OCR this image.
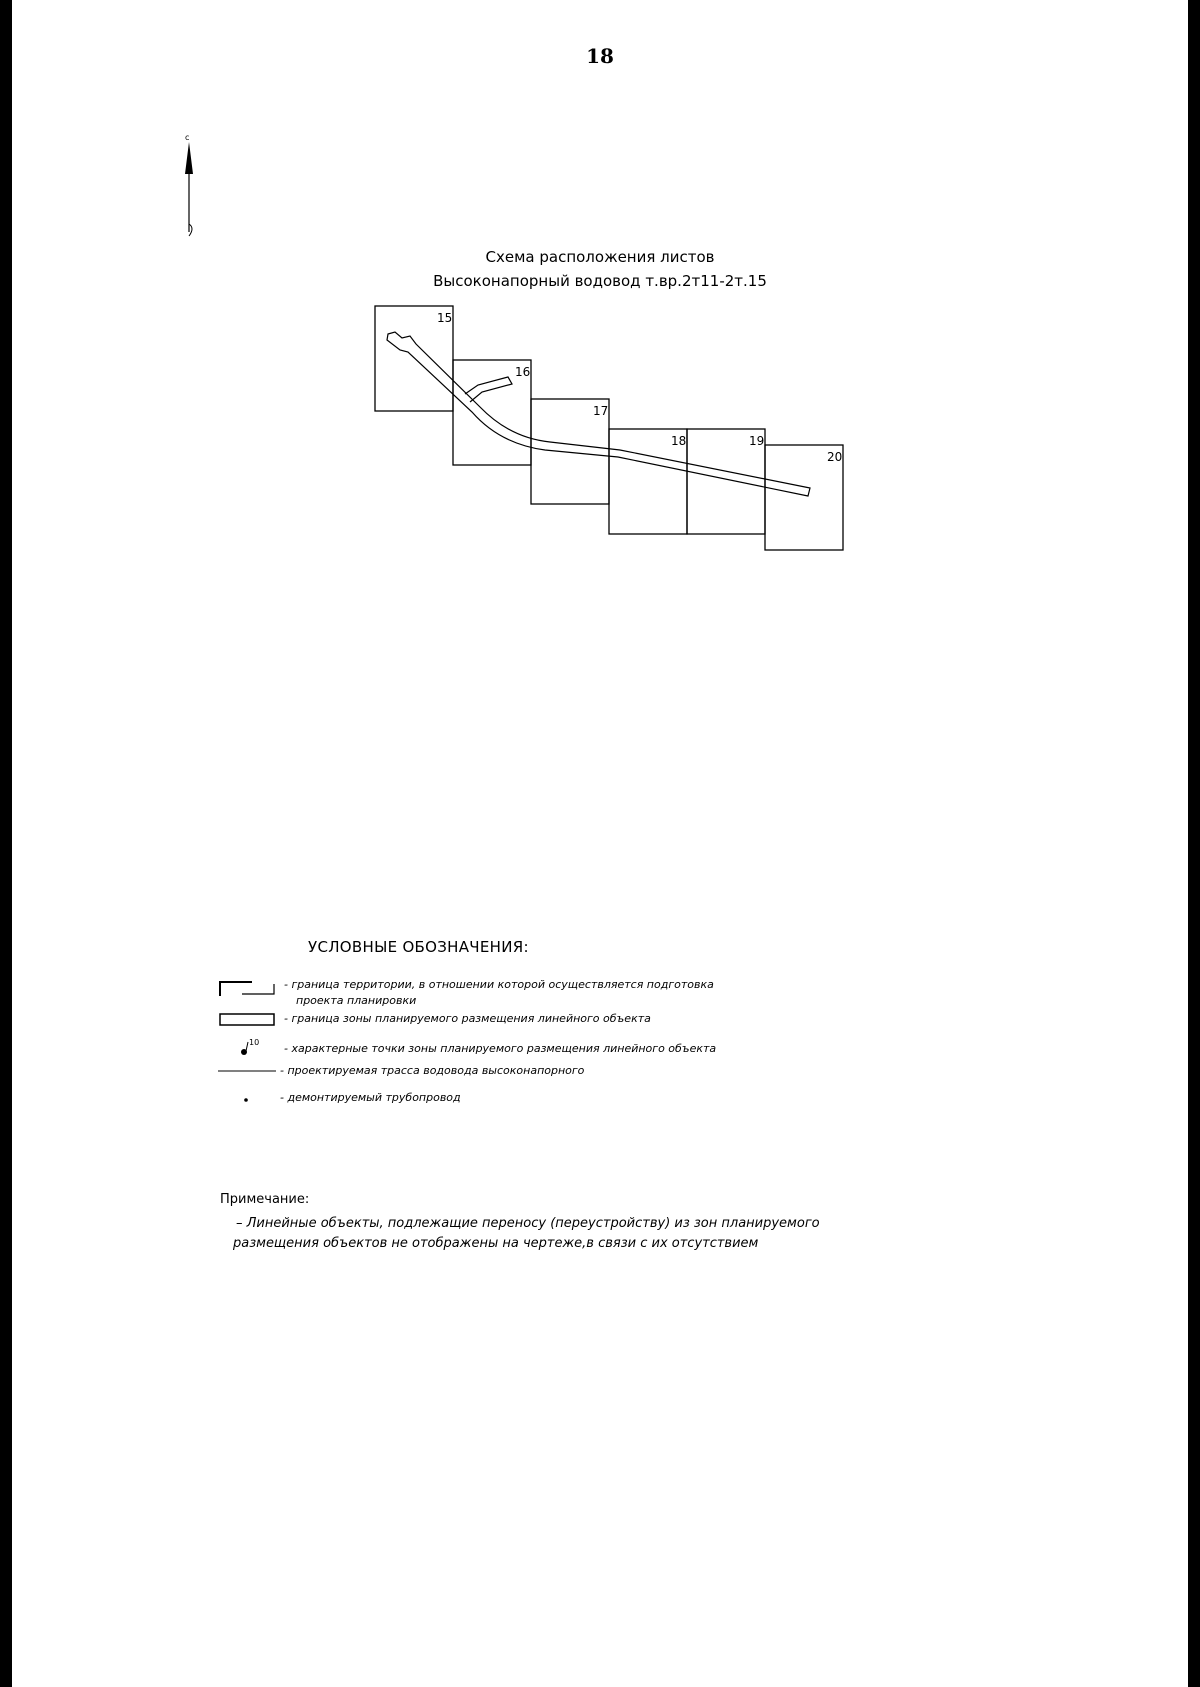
18
с
Схема расположения листов
Высоконапорный водовод т.вр.2т11-2т.15
15
16
17
18	19
20
УСЛОВНЫЕ ОБОЗНАЧЕНИЯ:
- граница территории, в отношении которой осуществляется подготовка
проекта планировки
- граница зоны планируемого размещения линейного объекта
10 - характерные точки зоны планируемого размещения линейного объекта
- проектируемая трасса водовода высоконапорного
- демонтируемый трубопровод
Примечание:
– Линейные объекты, подлежащие переносу (переустройству) из зон планируемого
размещения объектов не отображены на чертеже,в связи с их отсутствием
